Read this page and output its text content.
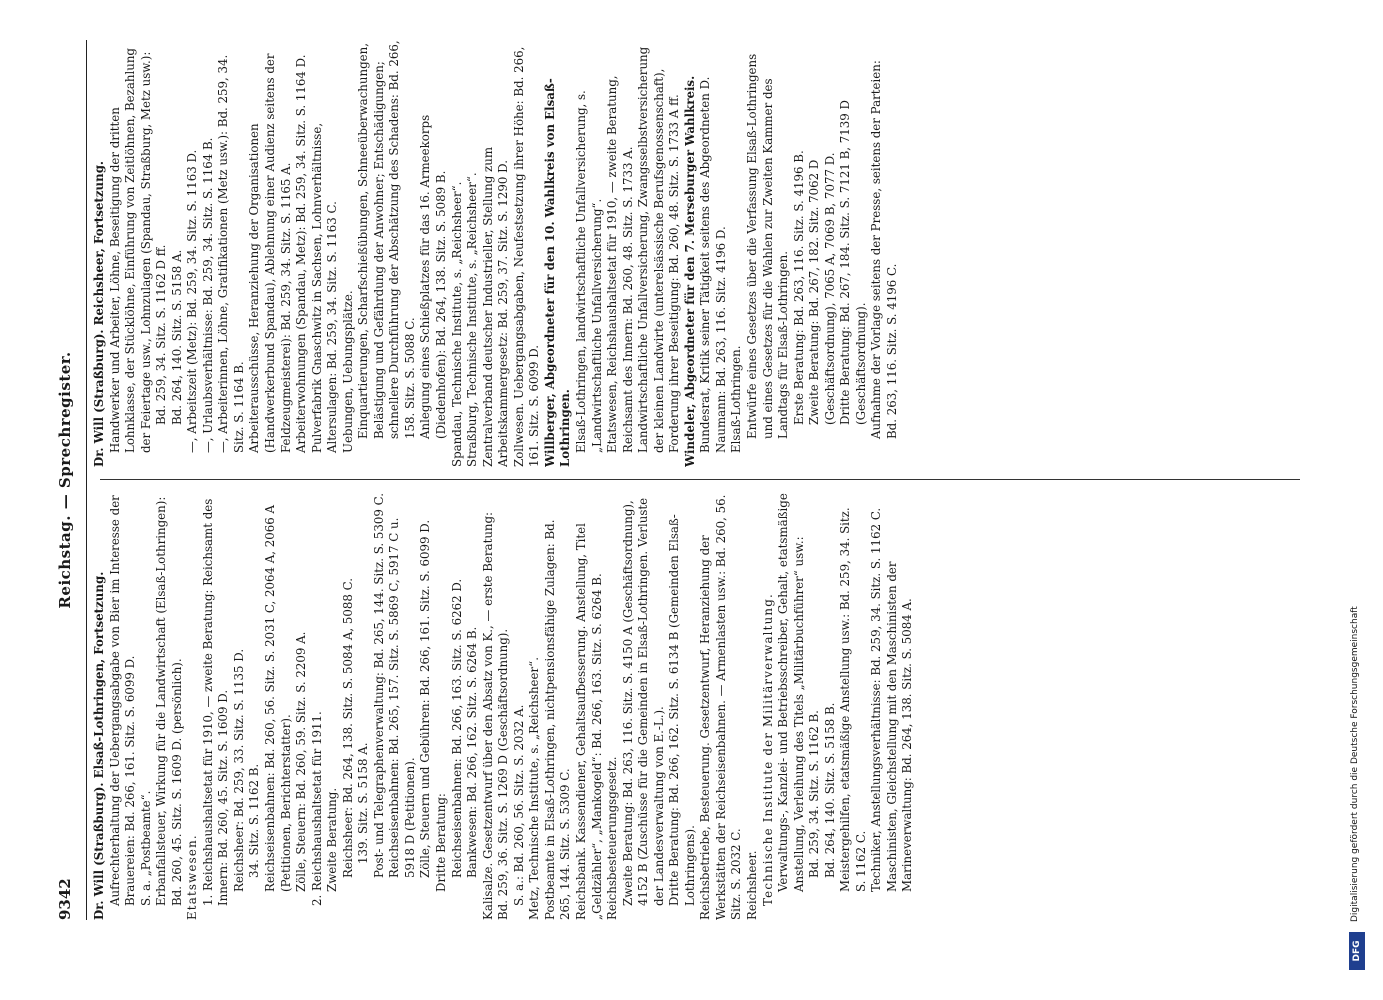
9342
Reichstag. — Sprechregister.

Dr. Will (Straßburg). Elsaß-Lothringen, Fortsetzung. Aufrechterhaltung der Uebergangsabgabe von Bier im Interesse der Brauereien: Bd. 266, 161. Sitz. S. 6099 D. S. a. „Postbeamte“. Erbanfallsteuer, Wirkung für die Landwirtschaft (Elsaß-Lothringen): Bd. 260, 45. Sitz. S. 1609 D. (persönlich). Etatswesen. 1. Reichshaushaltsetat für 1910, — zweite Beratung: Reichsamt des Innern: Bd. 260, 45. Sitz. S. 1609 D. Reichsheer: Bd. 259, 33. Sitz. S. 1135 D. 34. Sitz. S. 1162 B. Reichseisenbahnen: Bd. 260, 56. Sitz. S. 2031 C, 2064 A, 2066 A (Petitionen, Berichterstatter). Zölle, Steuern: Bd. 260, 59. Sitz. S. 2209 A. 2. Reichshaushaltsetat für 1911. Zweite Beratung. Reichsheer: Bd. 264, 138. Sitz. S. 5084 A, 5088 C. 139. Sitz. S. 5158 A. Post- und Telegraphenverwaltung: Bd. 265, 144. Sitz. S. 5309 C. Reichseisenbahnen: Bd. 265, 157. Sitz. S. 5869 C, 5917 C u. 5918 D (Petitionen). Zölle, Steuern und Gebühren: Bd. 266, 161. Sitz. S. 6099 D. Dritte Beratung: Reichseisenbahnen: Bd. 266, 163. Sitz. S. 6262 D. Bankwesen: Bd. 266, 162. Sitz. S. 6264 B. Kalisalze. Gesetzentwurf über den Absatz von K., — erste Beratung: Bd. 259, 36. Sitz. S. 1269 D (Geschäftsordnung). S. a.: Bd. 260, 56. Sitz. S. 2032 A. Metz, Technische Institute, s. „Reichsheer“. Postbeamte in Elsaß-Lothringen, nichtpensionsfähige Zulagen: Bd. 265, 144. Sitz. S. 5309 C. Reichsbank. Kassendiener, Gehaltsaufbesserung. Anstellung, Titel „Geldzähler“, „Mankogeld“: Bd. 266, 163. Sitz. S. 6264 B. Reichsbesteuerungsgesetz. Zweite Beratung: Bd. 263, 116. Sitz. S. 4150 A (Geschäftsordnung), 4152 B (Zuschüsse für die Gemeinden in Elsaß-Lothringen. Verluste der Landesverwaltung von E.-L.). Dritte Beratung: Bd. 266, 162. Sitz. S. 6134 B (Gemeinden Elsaß-Lothringens). Reichsbetriebe, Besteuerung. Gesetzentwurf, Heranziehung der Werkstätten der Reichseisenbahnen. — Armenlasten usw.: Bd. 260, 56. Sitz. S. 2032 C. Reichsheer. Technische Institute der Militärverwaltung. Verwaltungs-, Kanzlei- und Betriebsschreiber, Gehalt, etatsmäßige Anstellung, Verleihung des Titels „Militärbuchführer“ usw.: Bd. 259, 34. Sitz. S. 1162 B. Bd. 264, 140. Sitz. S. 5158 B. Meistergehilfen, etatsmäßige Anstellung usw.: Bd. 259, 34. Sitz. S. 1162 C. Techniker, Anstellungsverhältnisse: Bd. 259, 34. Sitz. S. 1162 C. Maschinisten, Gleichstellung mit den Maschinisten der Marineverwaltung: Bd. 264, 138. Sitz. S. 5084 A.

Dr. Will (Straßburg). Reichsheer, Fortsetzung. Handwerker und Arbeiter, Löhne, Beseitigung der dritten Lohnklasse, der Stücklöhne, Einführung von Zeitlöhnen, Bezahlung der Feiertage usw., Lohnzulagen (Spandau, Straßburg, Metz usw.): Bd. 259, 34. Sitz. S. 1162 D ff. Bd. 264, 140. Sitz. S. 5158 A. —, Arbeitszeit (Metz): Bd. 259, 34. Sitz. S. 1163 D. —, Urlaubsverhältnisse: Bd. 259, 34. Sitz. S. 1164 B. —, Arbeiterinnen, Löhne, Gratifikationen (Metz usw.): Bd. 259, 34. Sitz. S. 1164 B. Arbeiterausschüsse, Heranziehung der Organisationen (Handwerkerbund Spandau), Ablehnung einer Audienz seitens der Feldzeugmeisterei): Bd. 259, 34. Sitz. S. 1165 A. Arbeiterwohnungen (Spandau, Metz): Bd. 259, 34. Sitz. S. 1164 D. Pulverfabrik Gnaschwitz in Sachsen, Lohnverhältnisse, Altersulagen: Bd. 259, 34. Sitz. S. 1163 C. Uebungen, Uebungsplätze. Einquartierungen, Scharfschießübungen, Schneeüberwachungen, Belästigung und Gefährdung der Anwohner; Entschädigungen; schnellere Durchführung der Abschätzung des Schadens: Bd. 266, 158. Sitz. S. 5088 C. Anlegung eines Schießplatzes für das 16. Armeekorps (Diedenhofen): Bd. 264, 138. Sitz. S. 5089 B. Spandau, Technische Institute, s. „Reichsheer“. Straßburg, Technische Institute, s. „Reichsheer“. Zentralverband deutscher Industrieller, Stellung zum Arbeitskammergesetz: Bd. 259, 37. Sitz. S. 1290 D. Zollwesen. Uebergangsabgaben, Neufestsetzung ihrer Höhe: Bd. 266, 161. Sitz. S. 6099 D. Willberger, Abgeordneter für den 10. Wahlkreis von Elsaß-Lothringen. Elsaß-Lothringen, landwirtschaftliche Unfallversicherung, s. „Landwirtschaftliche Unfallversicherung“. Etatswesen, Reichshaushaltsetat für 1910, — zweite Beratung, Reichsamt des Innern: Bd. 260, 48. Sitz. S. 1733 A. Landwirtschaftliche Unfallversicherung, Zwangsselbstversicherung der kleinen Landwirte (unterelsässische Berufsgenossenschaft), Forderung ihrer Beseitigung: Bd. 260, 48. Sitz. S. 1733 A ff. Windeler, Abgeordneter für den 7. Merseburger Wahlkreis. Bundesrat, Kritik seiner Tätigkeit seitens des Abgeordneten D. Naumann: Bd. 263, 116. Sitz. 4196 D. Elsaß-Lothringen. Entwürfe eines Gesetzes über die Verfassung Elsaß-Lothringens und eines Gesetzes für die Wahlen zur Zweiten Kammer des Landtags für Elsaß-Lothringen. Erste Beratung: Bd. 263, 116. Sitz. S. 4196 B. Zweite Beratung: Bd. 267, 182. Sitz. 7062 D (Geschäftsordnung), 7065 A, 7069 B, 7077 D. Dritte Beratung: Bd. 267, 184. Sitz. S. 7121 B, 7139 D (Geschäftsordnung). Aufnahme der Vorlage seitens der Presse, seitens der Parteien: Bd. 263, 116. Sitz. S. 4196 C.

DFG
Digitalisierung gefördert durch die Deutsche Forschungsgemeinschaft
